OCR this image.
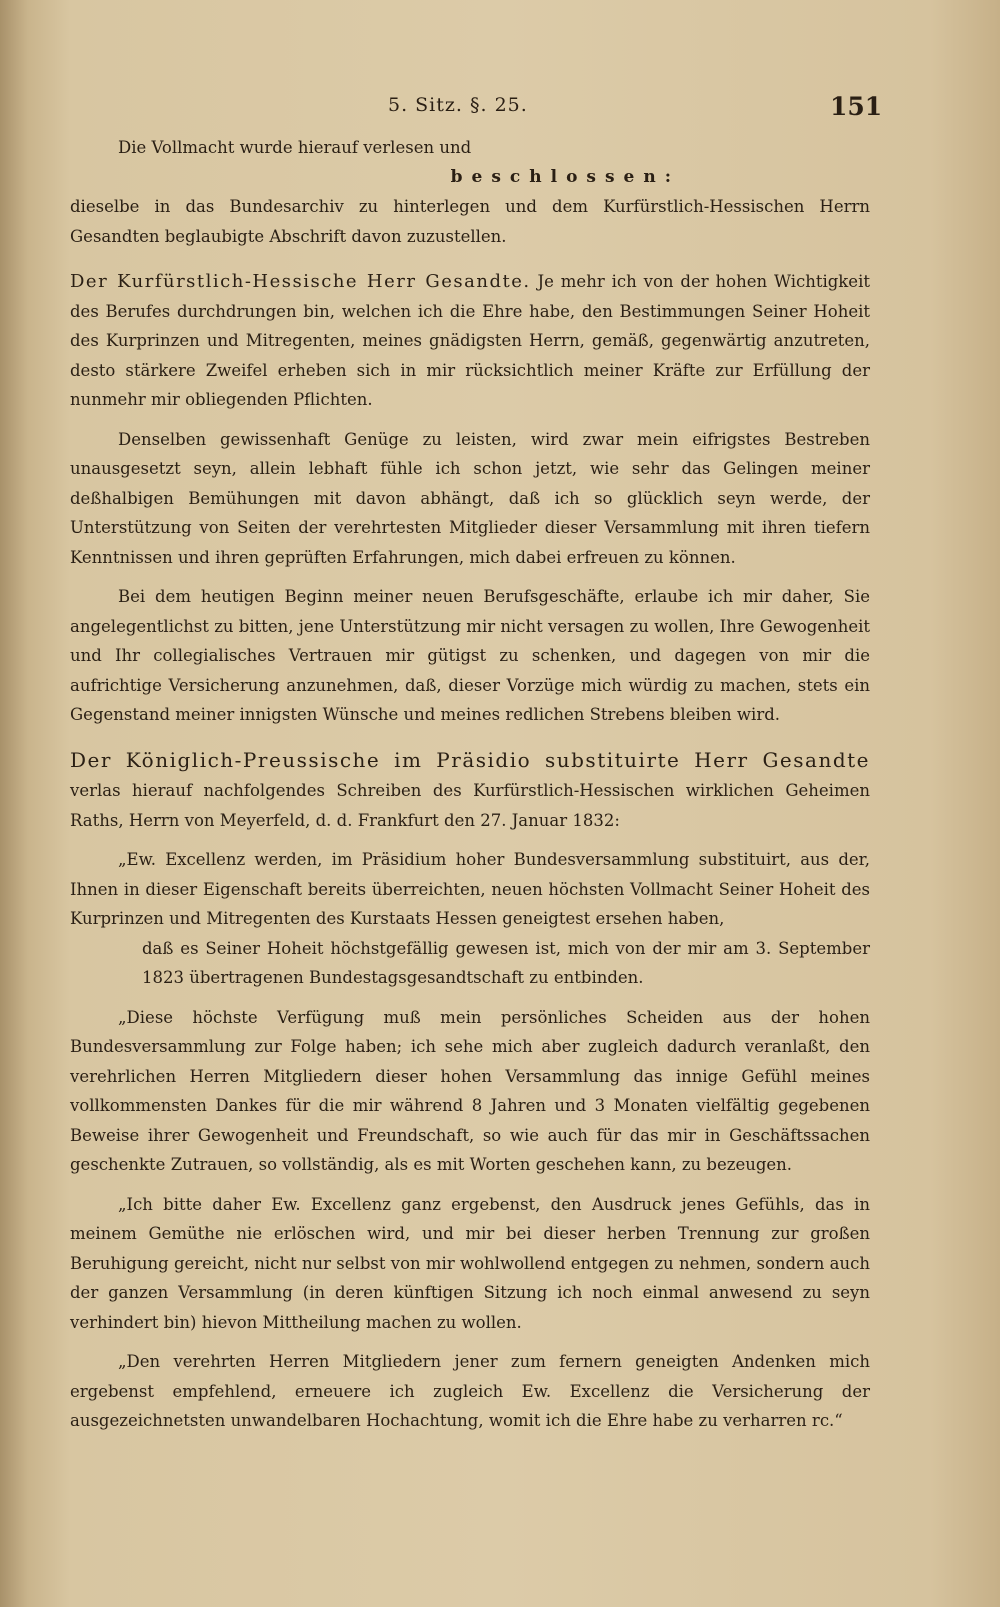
5. Sitz. §. 25.	151

Die Vollmacht wurde hierauf verlesen und

beschlossen:

dieselbe in das Bundesarchiv zu hinterlegen und dem Kurfürstlich-Hessischen Herrn Gesandten beglaubigte Abschrift davon zuzustellen.

Der Kurfürstlich-Hessische Herr Gesandte. Je mehr ich von der hohen Wichtigkeit des Berufes durchdrungen bin, welchen ich die Ehre habe, den Bestimmungen Seiner Hoheit des Kurprinzen und Mitregenten, meines gnädigsten Herrn, gemäß, gegenwärtig anzutreten, desto stärkere Zweifel erheben sich in mir rücksichtlich meiner Kräfte zur Erfüllung der nunmehr mir obliegenden Pflichten.

Denselben gewissenhaft Genüge zu leisten, wird zwar mein eifrigstes Bestreben unausgesetzt seyn, allein lebhaft fühle ich schon jetzt, wie sehr das Gelingen meiner deßhalbigen Bemühungen mit davon abhängt, daß ich so glücklich seyn werde, der Unterstützung von Seiten der verehrtesten Mitglieder dieser Versammlung mit ihren tiefern Kenntnissen und ihren geprüften Erfahrungen, mich dabei erfreuen zu können.

Bei dem heutigen Beginn meiner neuen Berufsgeschäfte, erlaube ich mir daher, Sie angelegentlichst zu bitten, jene Unterstützung mir nicht versagen zu wollen, Ihre Gewogenheit und Ihr collegialisches Vertrauen mir gütigst zu schenken, und dagegen von mir die aufrichtige Versicherung anzunehmen, daß, dieser Vorzüge mich würdig zu machen, stets ein Gegenstand meiner innigsten Wünsche und meines redlichen Strebens bleiben wird.

Der Königlich-Preussische im Präsidio substituirte Herr Gesandte verlas hierauf nachfolgendes Schreiben des Kurfürstlich-Hessischen wirklichen Geheimen Raths, Herrn von Meyerfeld, d. d. Frankfurt den 27. Januar 1832:

„Ew. Excellenz werden, im Präsidium hoher Bundesversammlung substituirt, aus der, Ihnen in dieser Eigenschaft bereits überreichten, neuen höchsten Vollmacht Seiner Hoheit des Kurprinzen und Mitregenten des Kurstaats Hessen geneigtest ersehen haben,

daß es Seiner Hoheit höchstgefällig gewesen ist, mich von der mir am 3. September 1823 übertragenen Bundestagsgesandtschaft zu entbinden.

„Diese höchste Verfügung muß mein persönliches Scheiden aus der hohen Bundesversammlung zur Folge haben; ich sehe mich aber zugleich dadurch veranlaßt, den verehrlichen Herren Mitgliedern dieser hohen Versammlung das innige Gefühl meines vollkommensten Dankes für die mir während 8 Jahren und 3 Monaten vielfältig gegebenen Beweise ihrer Gewogenheit und Freundschaft, so wie auch für das mir in Geschäftssachen geschenkte Zutrauen, so vollständig, als es mit Worten geschehen kann, zu bezeugen.

„Ich bitte daher Ew. Excellenz ganz ergebenst, den Ausdruck jenes Gefühls, das in meinem Gemüthe nie erlöschen wird, und mir bei dieser herben Trennung zur großen Beruhigung gereicht, nicht nur selbst von mir wohlwollend entgegen zu nehmen, sondern auch der ganzen Versammlung (in deren künftigen Sitzung ich noch einmal anwesend zu seyn verhindert bin) hievon Mittheilung machen zu wollen.

„Den verehrten Herren Mitgliedern jener zum fernern geneigten Andenken mich ergebenst empfehlend, erneuere ich zugleich Ew. Excellenz die Versicherung der ausgezeichnetsten unwandelbaren Hochachtung, womit ich die Ehre habe zu verharren rc.“
